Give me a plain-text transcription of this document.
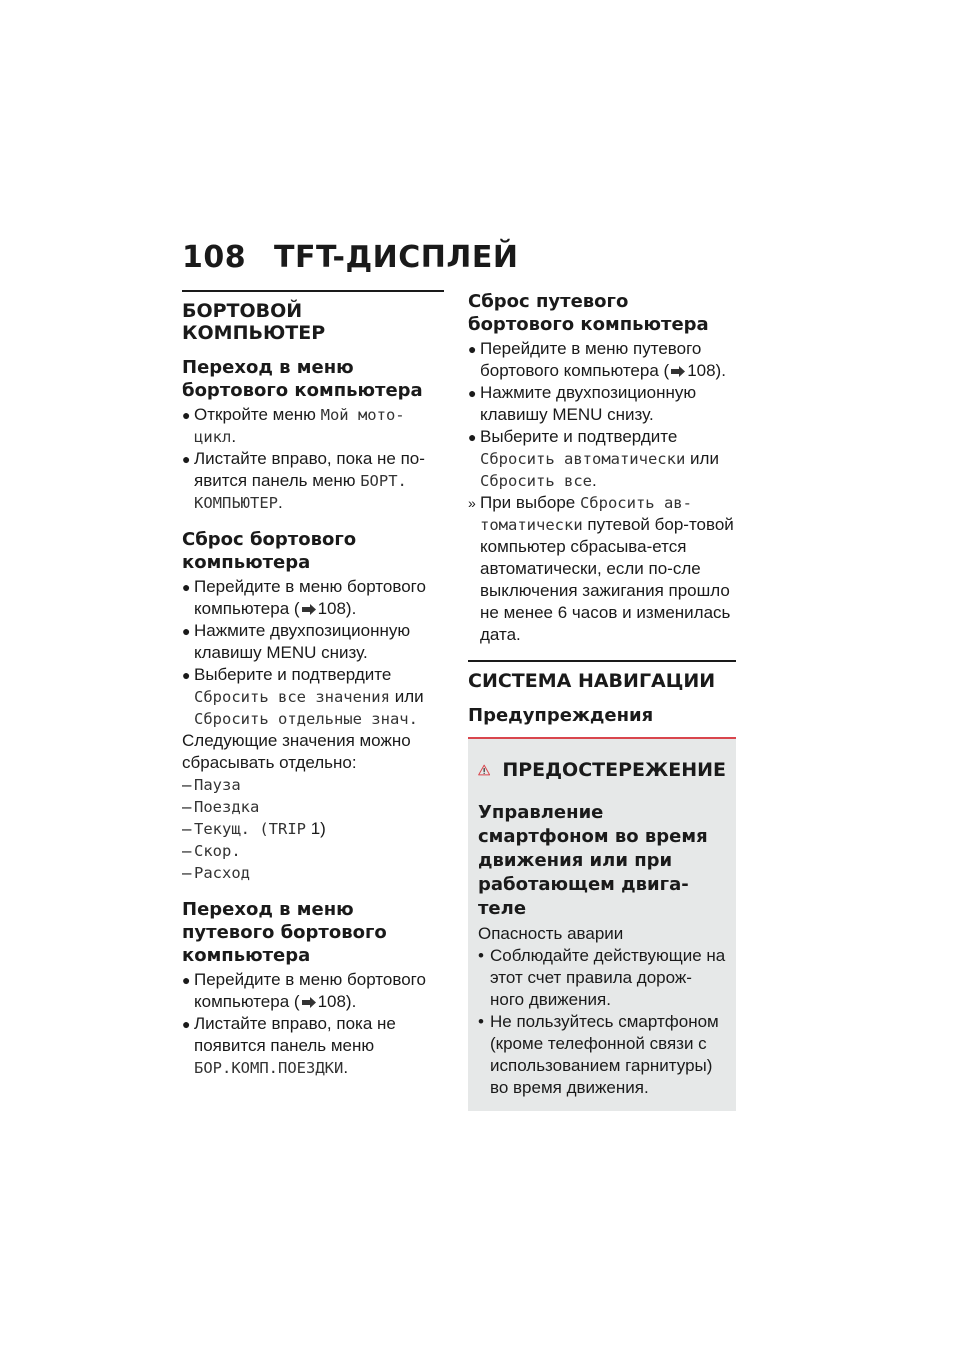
108 TFT-ДИСПЛЕЙ
БОРТОВОЙ КОМПЬЮТЕР
Переход в меню бортового компьютера
● Откройте меню Мой мото-цикл.
● Листайте вправо, пока не по-явится панель меню БОРТ. КОМПЬЮТЕР.
Сброс бортового компьютера
● Перейдите в меню бортового компьютера ( 108).
● Нажмите двухпозиционную клавишу MENU снизу.
● Выберите и подтвердите Сбросить все значения или Сбросить отдельные знач.
Следующие значения можно сбрасывать отдельно:
– Пауза
– Поездка
– Текущ. (TRIP 1)
– Скор.
– Расход
Переход в меню путевого бортового компьютера
● Перейдите в меню бортового компьютера ( 108).
● Листайте вправо, пока не появится панель меню БОР.КОМП.ПОЕЗДКИ.
Сброс путевого бортового компьютера
● Перейдите в меню путевого бортового компьютера ( 108).
● Нажмите двухпозиционную клавишу MENU снизу.
● Выберите и подтвердите Сбросить автоматически или Сбросить все.
» При выборе Сбросить ав-томатически путевой бор-товой компьютер сбрасыва-ется автоматически, если по-сле выключения зажигания прошло не менее 6 часов и изменилась дата.
СИСТЕМА НАВИГАЦИИ
Предупреждения
ПРЕДОСТЕРЕЖЕНИЕ
Управление смартфоном во время движения или при работающем двига-теле
Опасность аварии
• Соблюдайте действующие на этот счет правила дорож-ного движения.
• Не пользуйтесь смартфоном (кроме телефонной связи с использованием гарнитуры) во время движения.
